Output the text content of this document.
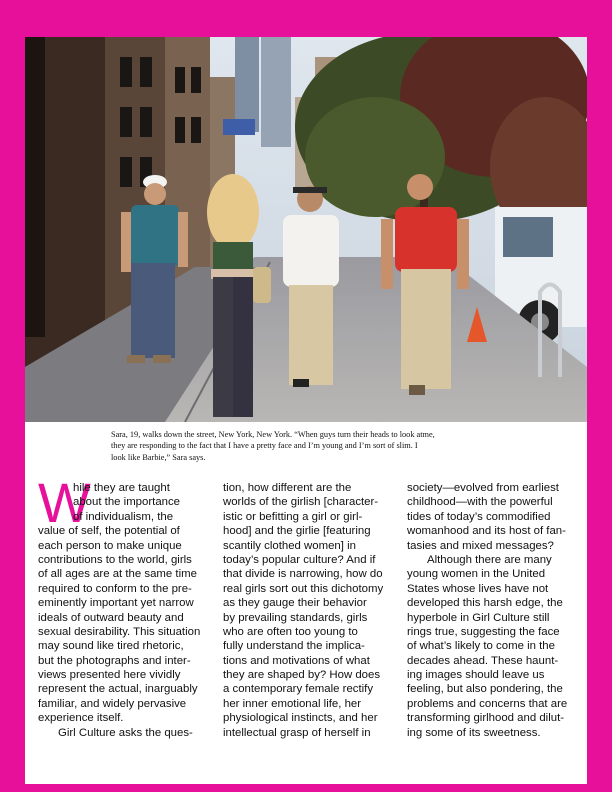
Sara, 19, walks down the street, New York, New York. “When guys turn their heads to look atme,
they are responding to the fact that I have a pretty face and I’m young and I’m sort of slim. I
look like Barbie,” Sara says.
W
hile they are taught
about the importance
of individualism, the
value of self, the potential of
each person to make unique
contributions to the world, girls
of all ages are at the same time
required to conform to the pre-
eminently important yet narrow
ideals of outward beauty and
sexual desirability. This situation
may sound like tired rhetoric,
but the photographs and inter-
views presented here vividly
represent the actual, inarguably
familiar, and widely pervasive
experience itself.
Girl Culture asks the ques-
tion, how different are the
worlds of the girlish [character-
istic or befitting a girl or girl-
hood] and the girlie [featuring
scantily clothed women] in
today’s popular culture? And if
that divide is narrowing, how do
real girls sort out this dichotomy
as they gauge their behavior
by prevailing standards, girls
who are often too young to
fully understand the implica-
tions and motivations of what
they are shaped by? How does
a contemporary female rectify
her inner emotional life, her
physiological instincts, and her
intellectual grasp of herself in
society—evolved from earliest
childhood—with the powerful
tides of today’s commodified
womanhood and its host of fan-
tasies and mixed messages?
Although there are many
young women in the United
States whose lives have not
developed this harsh edge, the
hyperbole in Girl Culture still
rings true, suggesting the face
of what’s likely to come in the
decades ahead. These haunt-
ing images should leave us
feeling, but also pondering, the
problems and concerns that are
transforming girlhood and dilut-
ing some of its sweetness.
